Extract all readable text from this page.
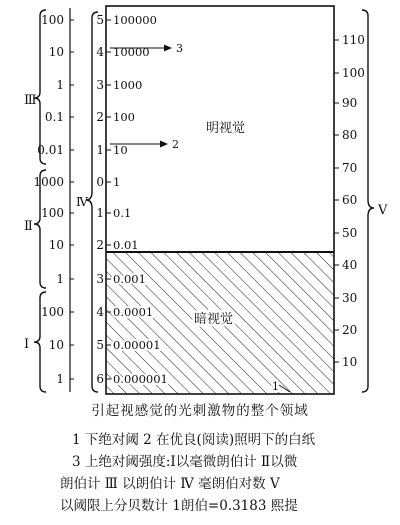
110
100
90
80
70
60
50
40
30
20
10
Ⅲ
Ⅱ
Ⅰ
Ⅳ
Ⅴ
100
10
1
0.1
0.01
1000
100
10
1
100
10
1
5
4
3
2
1
0
1
2
3
4
5
6
100000
10000
1000
100
10
1
0.1
0.01
0.001
0.0001
0.00001
0.000001
明视觉
暗视觉
3
2
1
引起视感觉的光刺激物的整个领域
1 下绝对阈 2 在优良(阅读)照明下的白纸
3 上绝对阈强度:Ⅰ以毫微朗伯计 Ⅱ以微
朗伯计 Ⅲ 以朗伯计 Ⅳ 毫朗伯对数 Ⅴ
以阈限上分贝数计 1朗伯=0.3183 熙提
